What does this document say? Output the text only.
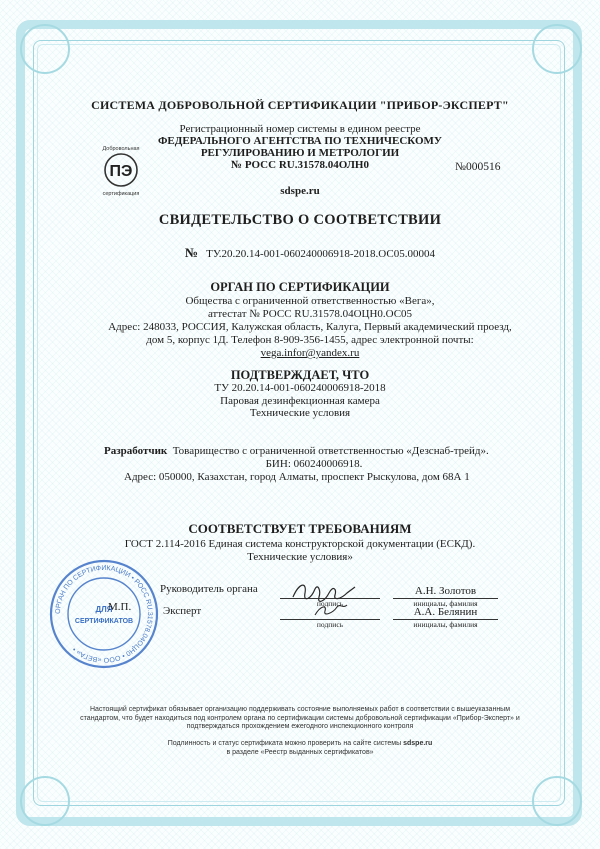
СИСТЕМА ДОБРОВОЛЬНОЙ СЕРТИФИКАЦИИ "ПРИБОР-ЭКСПЕРТ"
Добровольная
ПЭ
сертификация
Регистрационный номер системы в едином реестре
ФЕДЕРАЛЬНОГО АГЕНТСТВА ПО ТЕХНИЧЕСКОМУ
РЕГУЛИРОВАНИЮ И МЕТРОЛОГИИ
№ РОСС RU.31578.04ОЛН0	№000516
sdspe.ru
СВИДЕТЕЛЬСТВО О СООТВЕТСТВИИ
№ ТУ.20.20.14-001-060240006918-2018.ОС05.00004
ОРГАН ПО СЕРТИФИКАЦИИ
Общества с ограниченной ответственностью «Вега»,
аттестат № РОСС RU.31578.04ОЦН0.ОС05
Адрес: 248033, РОССИЯ, Калужская область, Калуга, Первый академический проезд, дом 5, корпус 1Д. Телефон 8-909-356-1455, адрес электронной почты: vega.infor@yandex.ru
ПОДТВЕРЖДАЕТ, ЧТО
ТУ 20.20.14-001-060240006918-2018
Паровая дезинфекционная камера
Технические условия
Разработчик Товарищество с ограниченной ответственностью «Дезснаб-трейд».
БИН: 060240006918.
Адрес: 050000, Казахстан, город Алматы, проспект Рыскулова, дом 68А 1
СООТВЕТСТВУЕТ ТРЕБОВАНИЯМ
ГОСТ 2.114-2016 Единая система конструкторской документации (ЕСКД). Технические условия»
ОРГАН ПО СЕРТИФИКАЦИИ • РОСС RU.31578.04ОЦН0 • ООО «ВЕГА» •
ДЛЯ
СЕРТИФИКАТОВ
Руководитель органа
Эксперт
М.П.	подпись
подпись
А.Н. Золотов
инициалы, фамилия
А.А. Белянин
инициалы, фамилия
Настоящий сертификат обязывает организацию поддерживать состояние выполняемых работ в соответствии с вышеуказанным стандартом, что будет находиться под контролем органа по сертификации системы добровольной сертификации «Прибор-Эксперт» и подтверждаться прохождением ежегодного инспекционного контроля
Подлинность и статус сертификата можно проверить на сайте системы sdspe.ru
в разделе «Реестр выданных сертификатов»
